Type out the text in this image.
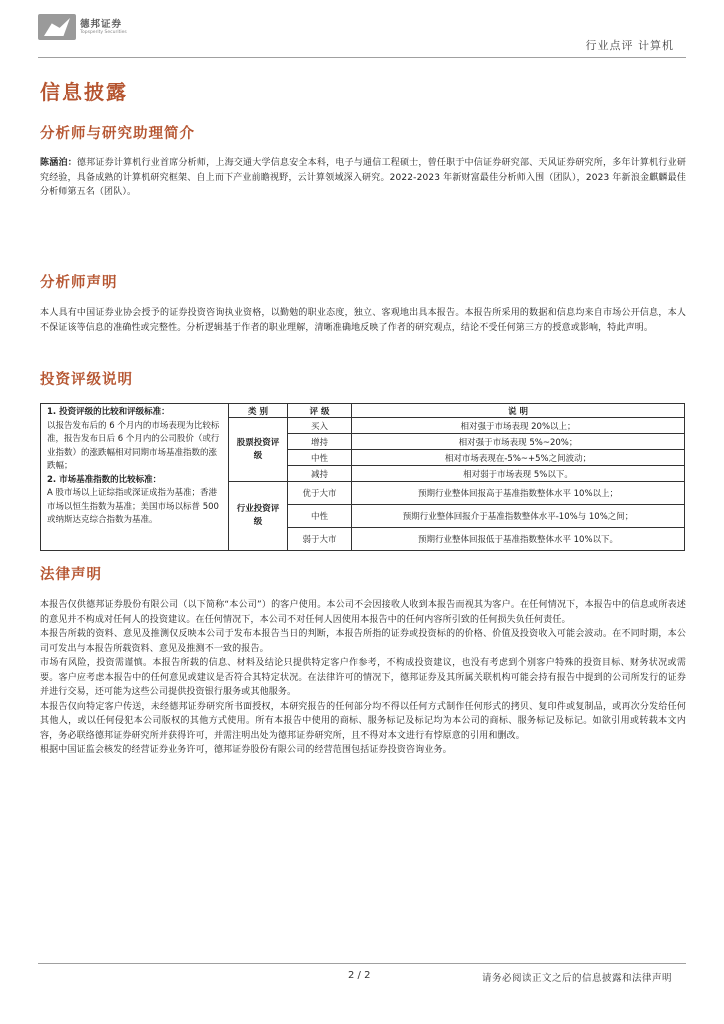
德邦证券
Topsperity Securities
行业点评 计算机
信息披露
分析师与研究助理简介
陈涵泊：德邦证券计算机行业首席分析师，上海交通大学信息安全本科，电子与通信工程硕士，曾任职于中信证券研究部、天风证券研究所，多年计算机行业研究经验，具备成熟的计算机研究框架、自上而下产业前瞻视野，云计算领域深入研究。2022-2023 年新财富最佳分析师入围（团队），2023 年新浪金麒麟最佳分析师第五名（团队）。
分析师声明
本人具有中国证券业协会授予的证券投资咨询执业资格，以勤勉的职业态度，独立、客观地出具本报告。本报告所采用的数据和信息均来自市场公开信息，本人不保证该等信息的准确性或完整性。分析逻辑基于作者的职业理解，清晰准确地反映了作者的研究观点，结论不受任何第三方的授意或影响，特此声明。
投资评级说明
1. 投资评级的比较和评级标准：
以报告发布后的 6 个月内的市场表现为比较标准，报告发布日后 6 个月内的公司股价（或行业指数）的涨跌幅相对同期市场基准指数的涨跌幅；
2. 市场基准指数的比较标准：
A 股市场以上证综指或深证成指为基准；香港市场以恒生指数为基准；美国市场以标普 500 或纳斯达克综合指数为基准。	类 别	评 级	说 明
	股票投资评级	买入	相对强于市场表现 20%以上；
		增持	相对强于市场表现 5%~20%；
		中性	相对市场表现在-5%~+5%之间波动；
		减持	相对弱于市场表现 5%以下。
	行业投资评级	优于大市	预期行业整体回报高于基准指数整体水平 10%以上；
		中性	预期行业整体回报介于基准指数整体水平-10%与 10%之间；
		弱于大市	预期行业整体回报低于基准指数整体水平 10%以下。
法律声明

本报告仅供德邦证券股份有限公司（以下简称“本公司”）的客户使用。本公司不会因接收人收到本报告而视其为客户。在任何情况下，本报告中的信息或所表述的意见并不构成对任何人的投资建议。在任何情况下，本公司不对任何人因使用本报告中的任何内容所引致的任何损失负任何责任。

本报告所载的资料、意见及推测仅反映本公司于发布本报告当日的判断，本报告所指的证券或投资标的的价格、价值及投资收入可能会波动。在不同时期，本公司可发出与本报告所载资料、意见及推测不一致的报告。

市场有风险，投资需谨慎。本报告所载的信息、材料及结论只提供特定客户作参考，不构成投资建议，也没有考虑到个别客户特殊的投资目标、财务状况或需要。客户应考虑本报告中的任何意见或建议是否符合其特定状况。在法律许可的情况下，德邦证券及其所属关联机构可能会持有报告中提到的公司所发行的证券并进行交易，还可能为这些公司提供投资银行服务或其他服务。

本报告仅向特定客户传送，未经德邦证券研究所书面授权，本研究报告的任何部分均不得以任何方式制作任何形式的拷贝、复印件或复制品，或再次分发给任何其他人，或以任何侵犯本公司版权的其他方式使用。所有本报告中使用的商标、服务标记及标记均为本公司的商标、服务标记及标记。如欲引用或转载本文内容，务必联络德邦证券研究所并获得许可，并需注明出处为德邦证券研究所，且不得对本文进行有悖原意的引用和删改。

根据中国证监会核发的经营证券业务许可，德邦证券股份有限公司的经营范围包括证券投资咨询业务。

2 / 2	请务必阅读正文之后的信息披露和法律声明
